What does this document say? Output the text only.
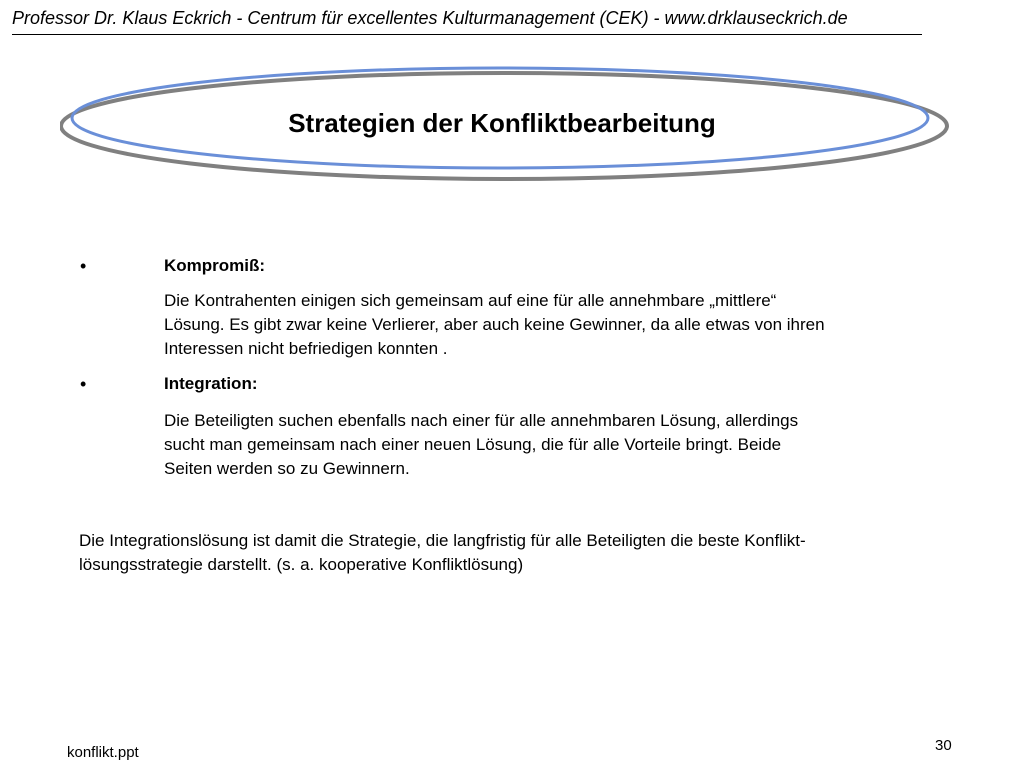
Professor Dr. Klaus Eckrich - Centrum für excellentes Kulturmanagement (CEK) - www.drklauseckrich.de
Strategien der Konfliktbearbeitung
•	Kompromiß:
Die Kontrahenten einigen sich gemeinsam auf eine für alle annehmbare „mittlere“
Lösung. Es gibt zwar keine Verlierer, aber auch keine Gewinner, da alle etwas von ihren
Interessen nicht befriedigen konnten .
•	Integration:
Die Beteiligten suchen ebenfalls nach einer für alle annehmbaren Lösung, allerdings
sucht man gemeinsam nach einer neuen Lösung, die für alle Vorteile bringt. Beide
Seiten werden so zu Gewinnern.
Die Integrationslösung ist damit die Strategie, die langfristig für alle Beteiligten die beste Konflikt-
lösungsstrategie darstellt. (s. a. kooperative Konfliktlösung)
konflikt.ppt	30
